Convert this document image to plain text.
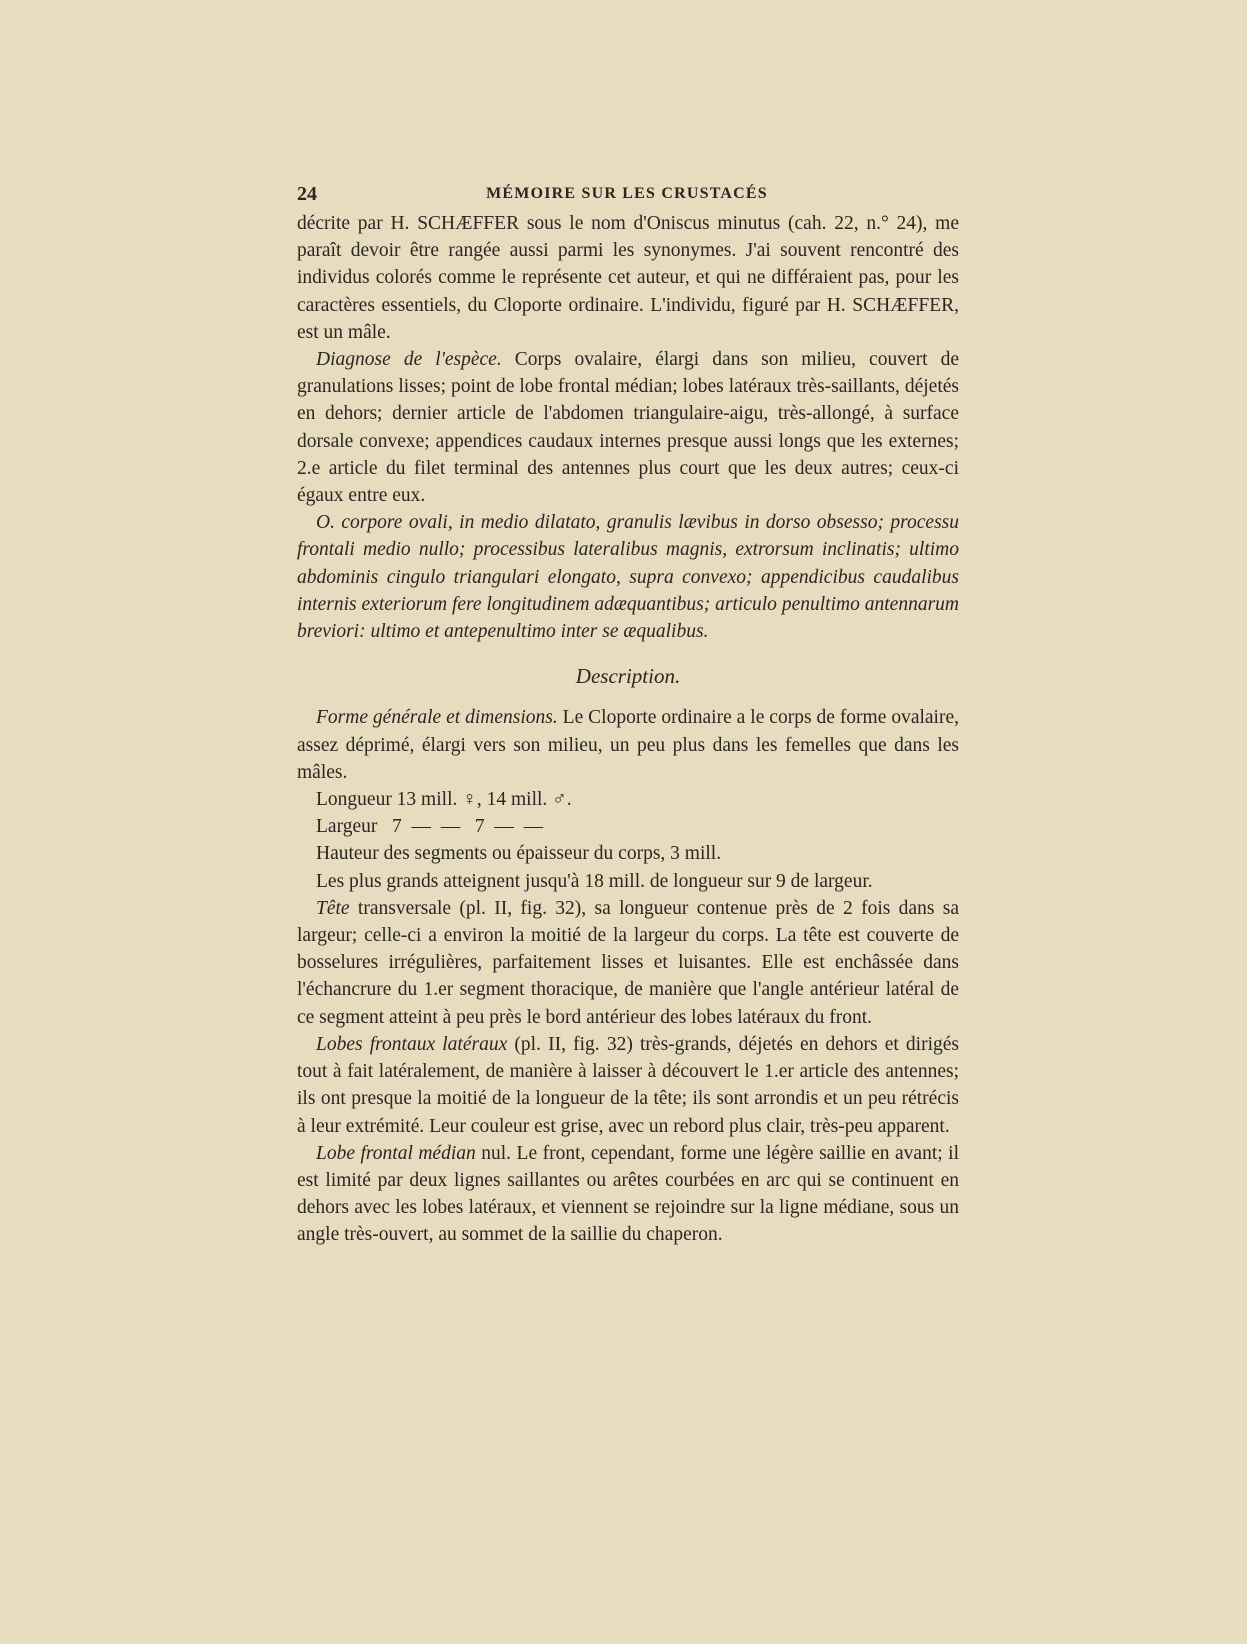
24	MÉMOIRE SUR LES CRUSTACÉS

décrite par H. SCHÆFFER sous le nom d'Oniscus minutus (cah. 22, n.° 24), me paraît devoir être rangée aussi parmi les synonymes. J'ai souvent rencontré des individus colorés comme le représente cet auteur, et qui ne différaient pas, pour les caractères essentiels, du Cloporte ordinaire. L'individu, figuré par H. SCHÆFFER, est un mâle.

Diagnose de l'espèce. Corps ovalaire, élargi dans son milieu, couvert de granulations lisses; point de lobe frontal médian; lobes latéraux très-saillants, déjetés en dehors; dernier article de l'abdomen triangulaire-aigu, très-allongé, à surface dorsale convexe; appendices caudaux internes presque aussi longs que les externes; 2.e article du filet terminal des antennes plus court que les deux autres; ceux-ci égaux entre eux.

O. corpore ovali, in medio dilatato, granulis lævibus in dorso obsesso; processu frontali medio nullo; processibus lateralibus magnis, extrorsum inclinatis; ultimo abdominis cingulo triangulari elongato, supra convexo; appendicibus caudalibus internis exteriorum fere longitudinem adæquantibus; articulo penultimo antennarum breviori: ultimo et antepenultimo inter se æqualibus.

Description.

Forme générale et dimensions. Le Cloporte ordinaire a le corps de forme ovalaire, assez déprimé, élargi vers son milieu, un peu plus dans les femelles que dans les mâles.

Longueur 13 mill. ♀, 14 mill. ♂.
Largeur   7  —  —   7  —  —

Hauteur des segments ou épaisseur du corps, 3 mill.

Les plus grands atteignent jusqu'à 18 mill. de longueur sur 9 de largeur.

Tête transversale (pl. II, fig. 32), sa longueur contenue près de 2 fois dans sa largeur; celle-ci a environ la moitié de la largeur du corps. La tête est couverte de bosselures irrégulières, parfaitement lisses et luisantes. Elle est enchâssée dans l'échancrure du 1.er segment thoracique, de manière que l'angle antérieur latéral de ce segment atteint à peu près le bord antérieur des lobes latéraux du front.

Lobes frontaux latéraux (pl. II, fig. 32) très-grands, déjetés en dehors et dirigés tout à fait latéralement, de manière à laisser à découvert le 1.er article des antennes; ils ont presque la moitié de la longueur de la tête; ils sont arrondis et un peu rétrécis à leur extrémité. Leur couleur est grise, avec un rebord plus clair, très-peu apparent.

Lobe frontal médian nul. Le front, cependant, forme une légère saillie en avant; il est limité par deux lignes saillantes ou arêtes courbées en arc qui se continuent en dehors avec les lobes latéraux, et viennent se rejoindre sur la ligne médiane, sous un angle très-ouvert, au sommet de la saillie du chaperon.
